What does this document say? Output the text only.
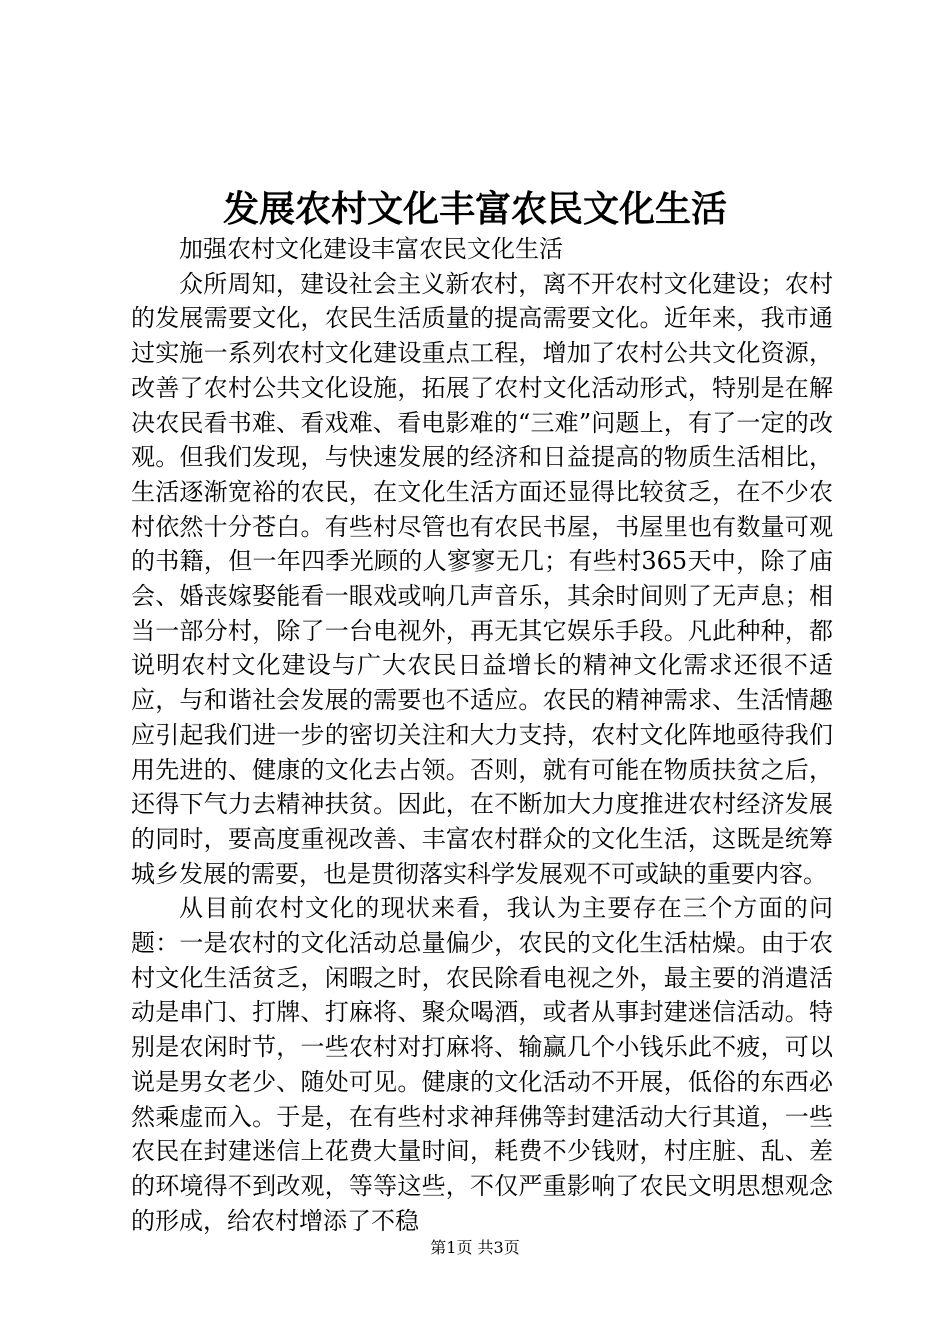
发展农村文化丰富农民文化生活

加强农村文化建设丰富农民文化生活

众所周知，建设社会主义新农村，离不开农村文化建设；农村的发展需要文化，农民生活质量的提高需要文化。近年来，我市通过实施一系列农村文化建设重点工程，增加了农村公共文化资源，改善了农村公共文化设施，拓展了农村文化活动形式，特别是在解决农民看书难、看戏难、看电影难的“三难”问题上，有了一定的改观。但我们发现，与快速发展的经济和日益提高的物质生活相比，生活逐渐宽裕的农民，在文化生活方面还显得比较贫乏，在不少农村依然十分苍白。有些村尽管也有农民书屋，书屋里也有数量可观的书籍，但一年四季光顾的人寥寥无几；有些村365天中，除了庙会、婚丧嫁娶能看一眼戏或响几声音乐，其余时间则了无声息；相当一部分村，除了一台电视外，再无其它娱乐手段。凡此种种，都说明农村文化建设与广大农民日益增长的精神文化需求还很不适应，与和谐社会发展的需要也不适应。农民的精神需求、生活情趣应引起我们进一步的密切关注和大力支持，农村文化阵地亟待我们用先进的、健康的文化去占领。否则，就有可能在物质扶贫之后，还得下气力去精神扶贫。因此，在不断加大力度推进农村经济发展的同时，要高度重视改善、丰富农村群众的文化生活，这既是统筹城乡发展的需要，也是贯彻落实科学发展观不可或缺的重要内容。

从目前农村文化的现状来看，我认为主要存在三个方面的问题：一是农村的文化活动总量偏少，农民的文化生活枯燥。由于农村文化生活贫乏，闲暇之时，农民除看电视之外，最主要的消遣活动是串门、打牌、打麻将、聚众喝酒，或者从事封建迷信活动。特别是农闲时节，一些农村对打麻将、输赢几个小钱乐此不疲，可以说是男女老少、随处可见。健康的文化活动不开展，低俗的东西必然乘虚而入。于是，在有些村求神拜佛等封建活动大行其道，一些农民在封建迷信上花费大量时间，耗费不少钱财，村庄脏、乱、差的环境得不到改观，等等这些，不仅严重影响了农民文明思想观念的形成，给农村增添了不稳

第1页 共3页
